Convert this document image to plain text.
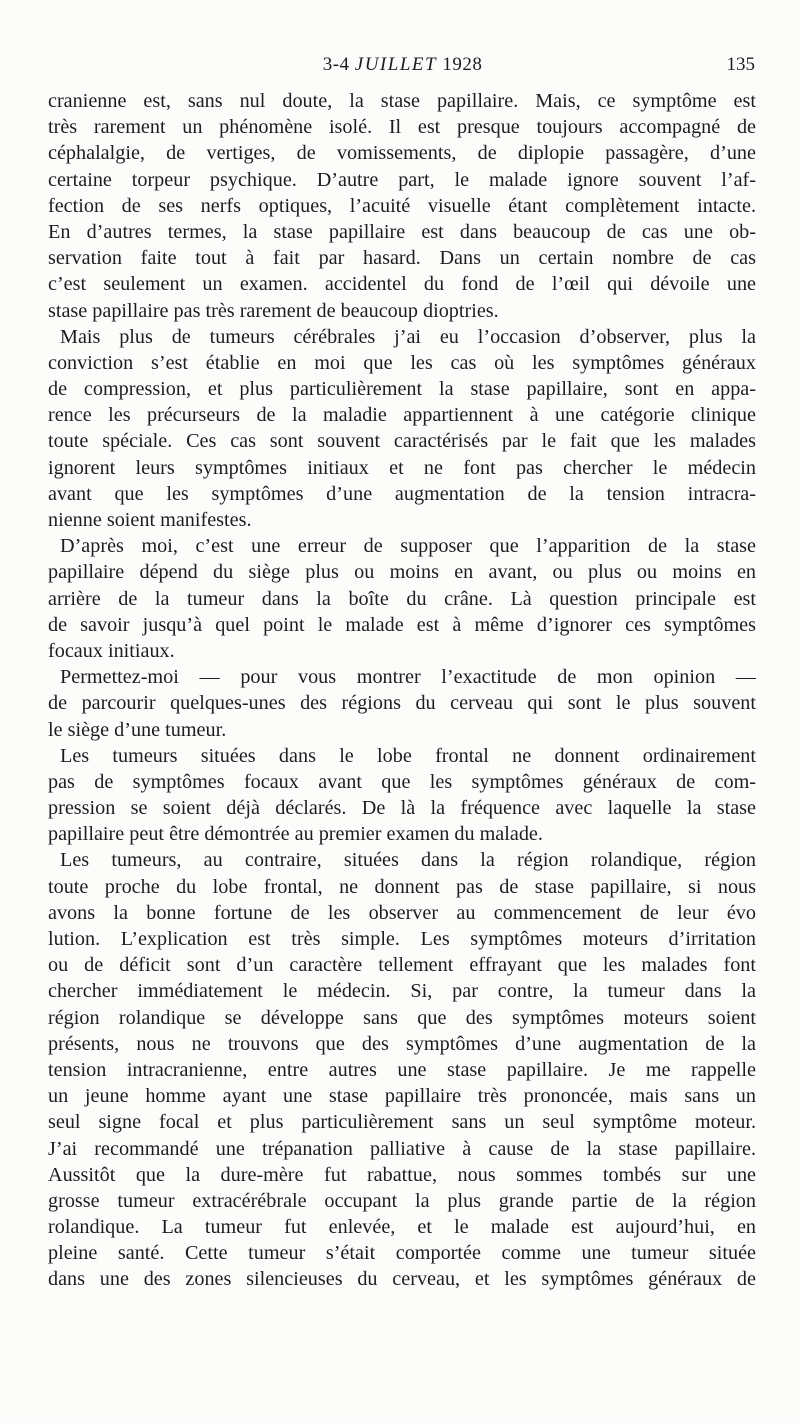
3-4 JUILLET 1928	135
cranienne est, sans nul doute, la stase papillaire. Mais, ce symptôme est
très rarement un phénomène isolé. Il est presque toujours accompagné de
céphalalgie, de vertiges, de vomissements, de diplopie passagère, d’une
certaine torpeur psychique. D’autre part, le malade ignore souvent l’af-
fection de ses nerfs optiques, l’acuité visuelle étant complètement intacte.
En d’autres termes, la stase papillaire est dans beaucoup de cas une ob-
servation faite tout à fait par hasard. Dans un certain nombre de cas
c’est seulement un examen. accidentel du fond de l’œil qui dévoile une
stase papillaire pas très rarement de beaucoup dioptries.
Mais plus de tumeurs cérébrales j’ai eu l’occasion d’observer, plus la
conviction s’est établie en moi que les cas où les symptômes généraux
de compression, et plus particulièrement la stase papillaire, sont en appa-
rence les précurseurs de la maladie appartiennent à une catégorie clinique
toute spéciale. Ces cas sont souvent caractérisés par le fait que les malades
ignorent leurs symptômes initiaux et ne font pas chercher le médecin
avant que les symptômes d’une augmentation de la tension intracra-
nienne soient manifestes.
D’après moi, c’est une erreur de supposer que l’apparition de la stase
papillaire dépend du siège plus ou moins en avant, ou plus ou moins en
arrière de la tumeur dans la boîte du crâne. Là question principale est
de savoir jusqu’à quel point le malade est à même d’ignorer ces symptômes
focaux initiaux.
Permettez-moi — pour vous montrer l’exactitude de mon opinion —
de parcourir quelques-unes des régions du cerveau qui sont le plus souvent
le siège d’une tumeur.
Les tumeurs situées dans le lobe frontal ne donnent ordinairement
pas de symptômes focaux avant que les symptômes généraux de com-
pression se soient déjà déclarés. De là la fréquence avec laquelle la stase
papillaire peut être démontrée au premier examen du malade.
Les tumeurs, au contraire, situées dans la région rolandique, région
toute proche du lobe frontal, ne donnent pas de stase papillaire, si nous
avons la bonne fortune de les observer au commencement de leur évo
lution. L’explication est très simple. Les symptômes moteurs d’irritation
ou de déficit sont d’un caractère tellement effrayant que les malades font
chercher immédiatement le médecin. Si, par contre, la tumeur dans la
région rolandique se développe sans que des symptômes moteurs soient
présents, nous ne trouvons que des symptômes d’une augmentation de la
tension intracranienne, entre autres une stase papillaire. Je me rappelle
un jeune homme ayant une stase papillaire très prononcée, mais sans un
seul signe focal et plus particulièrement sans un seul symptôme moteur.
J’ai recommandé une trépanation palliative à cause de la stase papillaire.
Aussitôt que la dure-mère fut rabattue, nous sommes tombés sur une
grosse tumeur extracérébrale occupant la plus grande partie de la région
rolandique. La tumeur fut enlevée, et le malade est aujourd’hui, en
pleine santé. Cette tumeur s’était comportée comme une tumeur située
dans une des zones silencieuses du cerveau, et les symptômes généraux de
